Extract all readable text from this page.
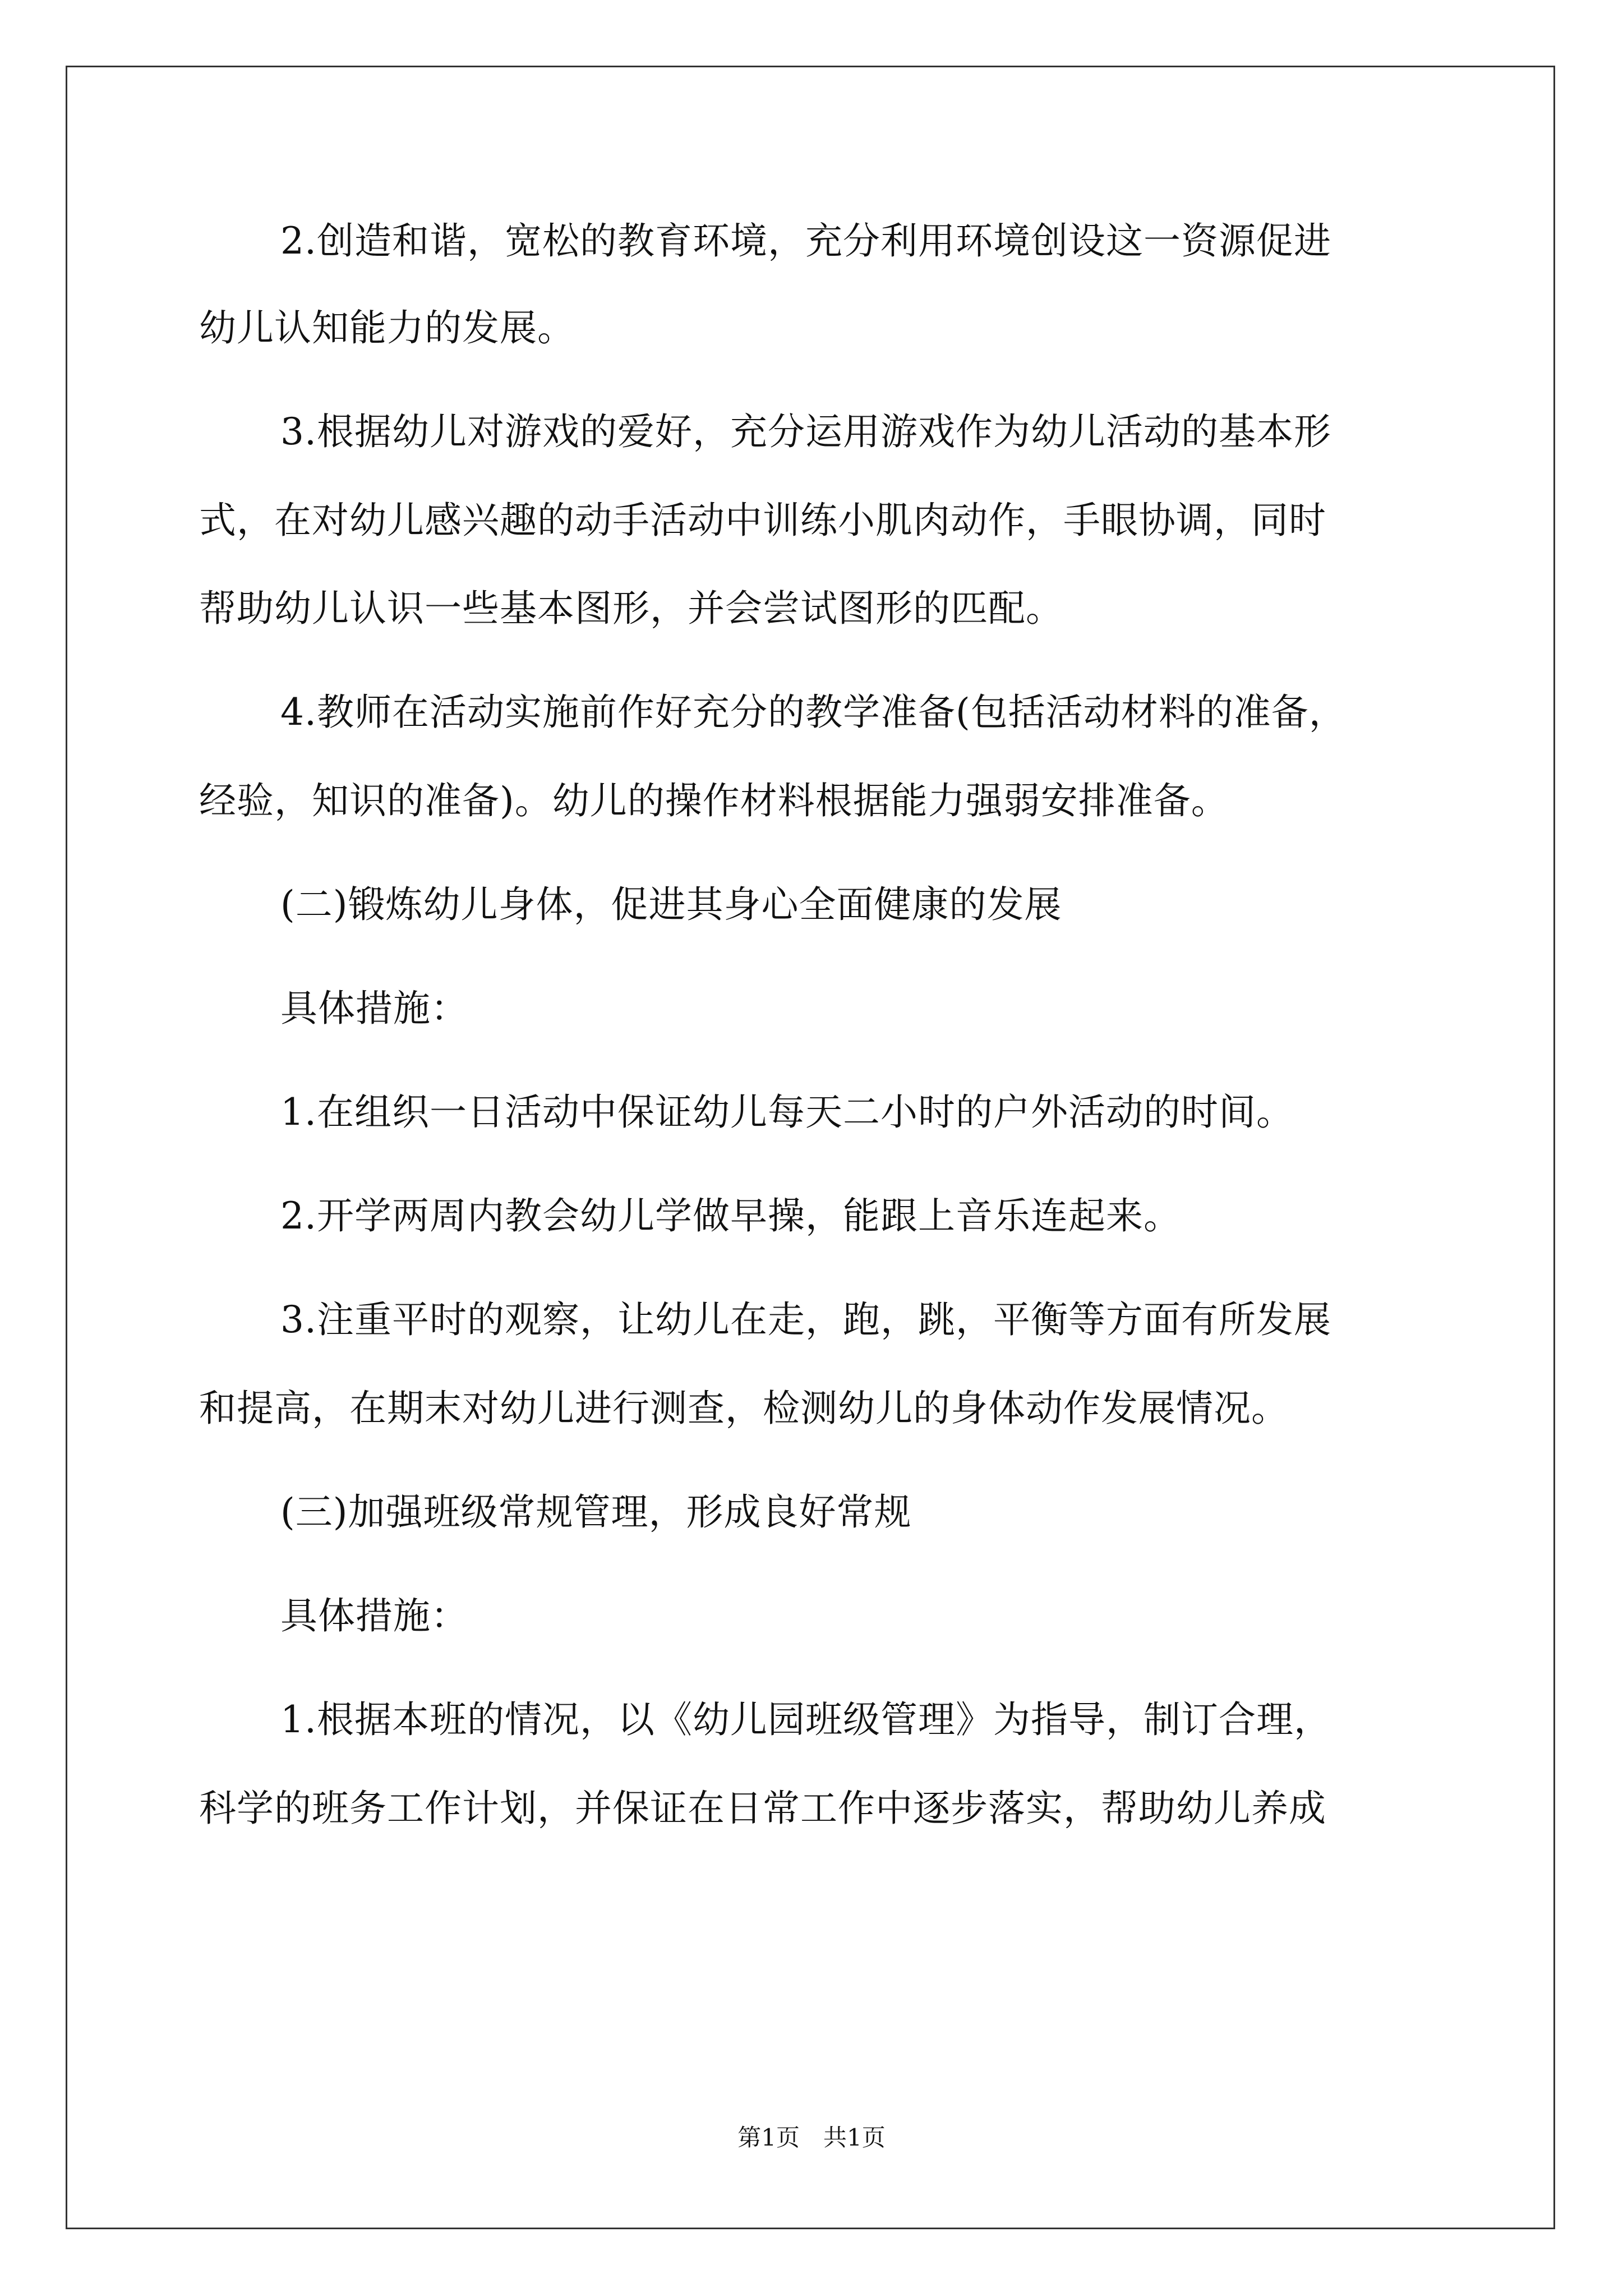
2.创造和谐，宽松的教育环境，充分利用环境创设这一资源促进
幼儿认知能力的发展。
3.根据幼儿对游戏的爱好，充分运用游戏作为幼儿活动的基本形
式，在对幼儿感兴趣的动手活动中训练小肌肉动作，手眼协调，同时
帮助幼儿认识一些基本图形，并会尝试图形的匹配。
4.教师在活动实施前作好充分的教学准备(包括活动材料的准备，
经验，知识的准备)。幼儿的操作材料根据能力强弱安排准备。
(二)锻炼幼儿身体，促进其身心全面健康的发展
具体措施：
1.在组织一日活动中保证幼儿每天二小时的户外活动的时间。
2.开学两周内教会幼儿学做早操，能跟上音乐连起来。
3.注重平时的观察，让幼儿在走，跑，跳，平衡等方面有所发展
和提高，在期末对幼儿进行测查，检测幼儿的身体动作发展情况。
(三)加强班级常规管理，形成良好常规
具体措施：
1.根据本班的情况，以《幼儿园班级管理》为指导，制订合理，
科学的班务工作计划，并保证在日常工作中逐步落实，帮助幼儿养成
第1页　共1页
